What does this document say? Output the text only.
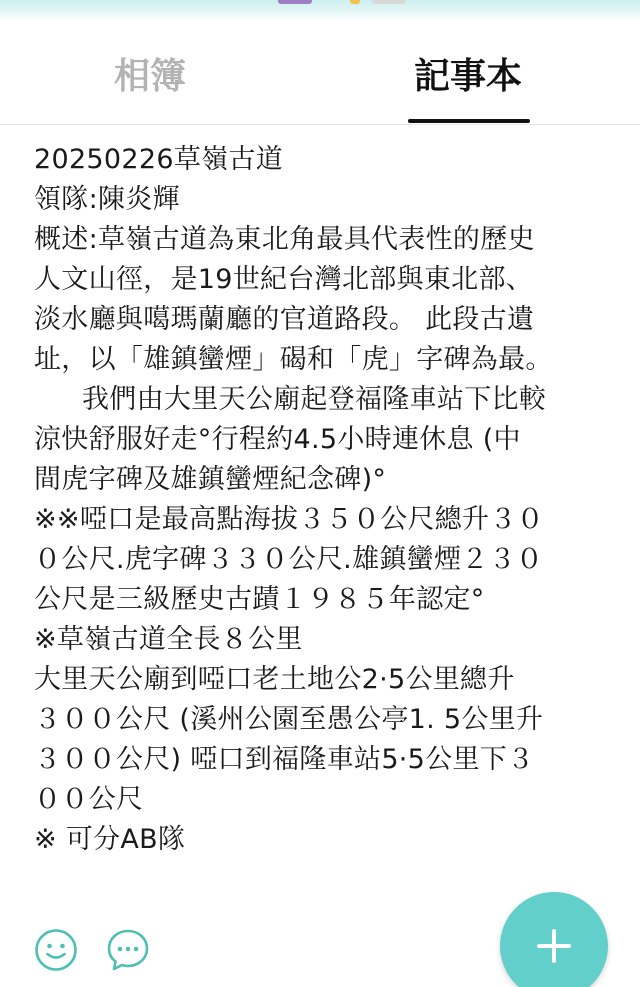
相簿	記事本
20250226草嶺古道
領隊:陳炎輝
概述:草嶺古道為東北角最具代表性的歷史
人文山徑，是19世紀台灣北部與東北部、
淡水廳與噶瑪蘭廳的官道路段。 此段古遺
址，以「雄鎮蠻煙」碣和「虎」字碑為最。
我們由大里天公廟起登福隆車站下比較
涼快舒服好走°行程約4.5小時連休息 (中
間虎字碑及雄鎮蠻煙紀念碑)°
※※啞口是最高點海拔３５０公尺總升３０
０公尺.虎字碑３３０公尺.雄鎮蠻煙２３０
公尺是三級歷史古蹟１９８５年認定°
※草嶺古道全長８公里
大里天公廟到啞口老土地公2·5公里總升
３００公尺 (溪州公園至愚公亭1. 5公里升
３００公尺) 啞口到福隆車站5·5公里下３
００公尺
※ 可分AB隊
